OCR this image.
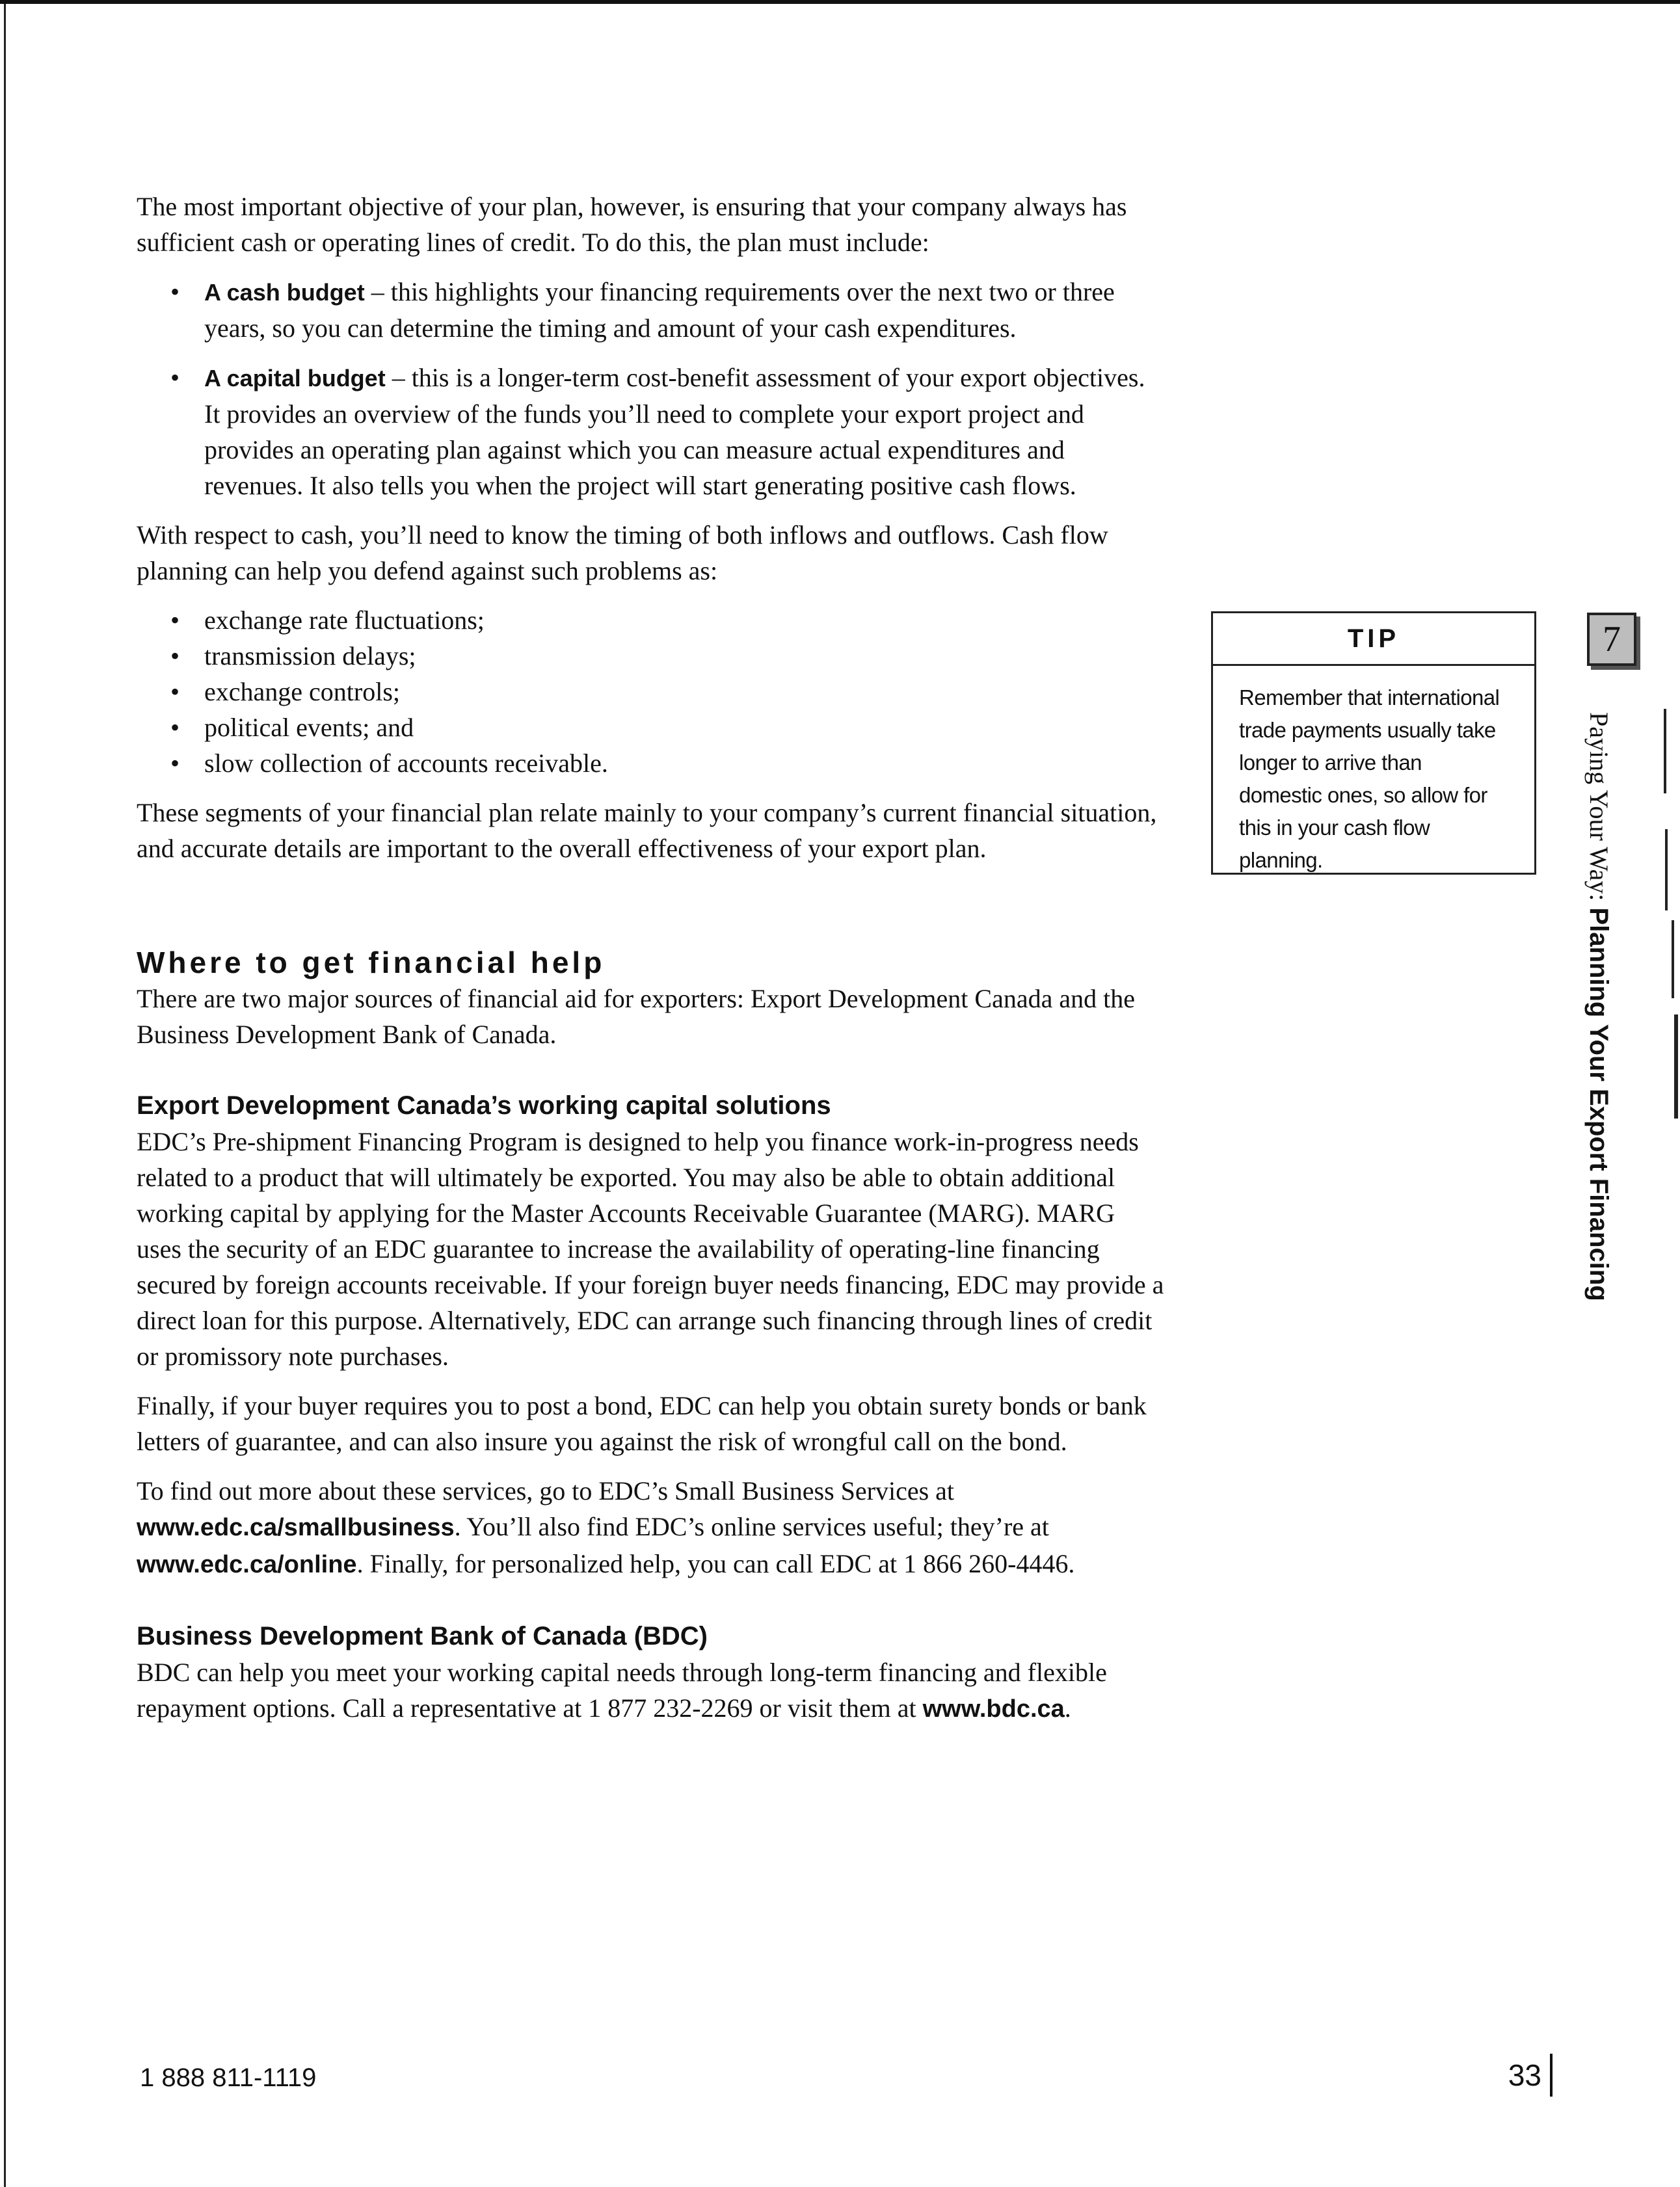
The most important objective of your plan, however, is ensuring that your company always has sufficient cash or operating lines of credit. To do this, the plan must include:

• A cash budget – this highlights your financing requirements over the next two or three years, so you can determine the timing and amount of your cash expenditures.
• A capital budget – this is a longer-term cost-benefit assessment of your export objectives. It provides an overview of the funds you’ll need to complete your export project and provides an operating plan against which you can measure actual expenditures and revenues. It also tells you when the project will start generating positive cash flows.

With respect to cash, you’ll need to know the timing of both inflows and outflows. Cash flow planning can help you defend against such problems as:

• exchange rate fluctuations;
• transmission delays;
• exchange controls;
• political events; and
• slow collection of accounts receivable.

These segments of your financial plan relate mainly to your company’s current financial situation, and accurate details are important to the overall effectiveness of your export plan.

Where to get financial help

There are two major sources of financial aid for exporters: Export Development Canada and the Business Development Bank of Canada.

Export Development Canada’s working capital solutions

EDC’s Pre-shipment Financing Program is designed to help you finance work-in-progress needs related to a product that will ultimately be exported. You may also be able to obtain additional working capital by applying for the Master Accounts Receivable Guarantee (MARG). MARG uses the security of an EDC guarantee to increase the availability of operating-line financing secured by foreign accounts receivable. If your foreign buyer needs financing, EDC may provide a direct loan for this purpose. Alternatively, EDC can arrange such financing through lines of credit or promissory note purchases.

Finally, if your buyer requires you to post a bond, EDC can help you obtain surety bonds or bank letters of guarantee, and can also insure you against the risk of wrongful call on the bond.

To find out more about these services, go to EDC’s Small Business Services at www.edc.ca/smallbusiness. You’ll also find EDC’s online services useful; they’re at www.edc.ca/online. Finally, for personalized help, you can call EDC at 1 866 260-4446.

Business Development Bank of Canada (BDC)

BDC can help you meet your working capital needs through long-term financing and flexible repayment options. Call a representative at 1 877 232-2269 or visit them at www.bdc.ca.

TIP
Remember that international trade payments usually take longer to arrive than domestic ones, so allow for this in your cash flow planning.
7
Paying Your Way: Planning Your Export Financing
1 888 811-1119	33
